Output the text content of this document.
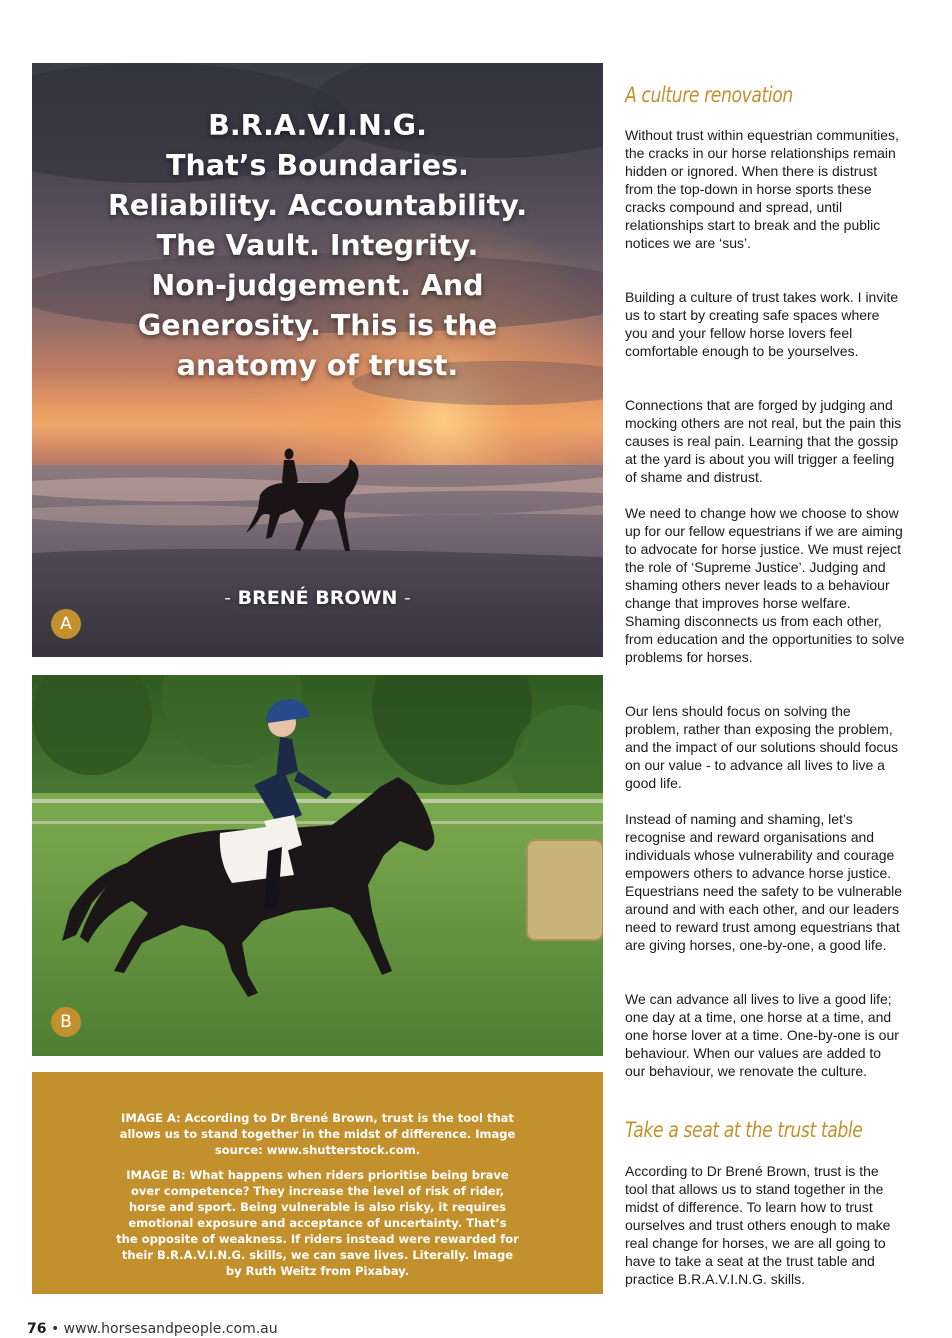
B.R.A.V.I.N.G.
That’s Boundaries.
Reliability. Accountability.
The Vault. Integrity.
Non-judgement. And
Generosity. This is the
anatomy of trust.
- BRENÉ BROWN -
A
B

IMAGE A: According to Dr Brené Brown, trust is the tool that allows us to stand together in the midst of difference. Image source: www.shutterstock.com.

IMAGE B: What happens when riders prioritise being brave over competence? They increase the level of risk of rider, horse and sport. Being vulnerable is also risky, it requires emotional exposure and acceptance of uncertainty. That’s the opposite of weakness. If riders instead were rewarded for their B.R.A.V.I.N.G. skills, we can save lives. Literally. Image by Ruth Weitz from Pixabay.

76 • www.horsesandpeople.com.au
A culture renovation

Without trust within equestrian communities, the cracks in our horse relationships remain hidden or ignored. When there is distrust from the top-down in horse sports these cracks compound and spread, until relationships start to break and the public notices we are ‘sus’.

Building a culture of trust takes work. I invite us to start by creating safe spaces where you and your fellow horse lovers feel comfortable enough to be yourselves.

Connections that are forged by judging and mocking others are not real, but the pain this causes is real pain. Learning that the gossip at the yard is about you will trigger a feeling of shame and distrust.

We need to change how we choose to show up for our fellow equestrians if we are aiming to advocate for horse justice. We must reject the role of ‘Supreme Justice’. Judging and shaming others never leads to a behaviour change that improves horse welfare. Shaming disconnects us from each other, from education and the opportunities to solve problems for horses.

Our lens should focus on solving the problem, rather than exposing the problem, and the impact of our solutions should focus on our value - to advance all lives to live a good life.

Instead of naming and shaming, let’s recognise and reward organisations and individuals whose vulnerability and courage empowers others to advance horse justice. Equestrians need the safety to be vulnerable around and with each other, and our leaders need to reward trust among equestrians that are giving horses, one-by-one, a good life.

We can advance all lives to live a good life; one day at a time, one horse at a time, and one horse lover at a time. One-by-one is our behaviour. When our values are added to our behaviour, we renovate the culture.

Take a seat at the trust table

According to Dr Brené Brown, trust is the tool that allows us to stand together in the midst of difference. To learn how to trust ourselves and trust others enough to make real change for horses, we are all going to have to take a seat at the trust table and practice B.R.A.V.I.N.G. skills.
